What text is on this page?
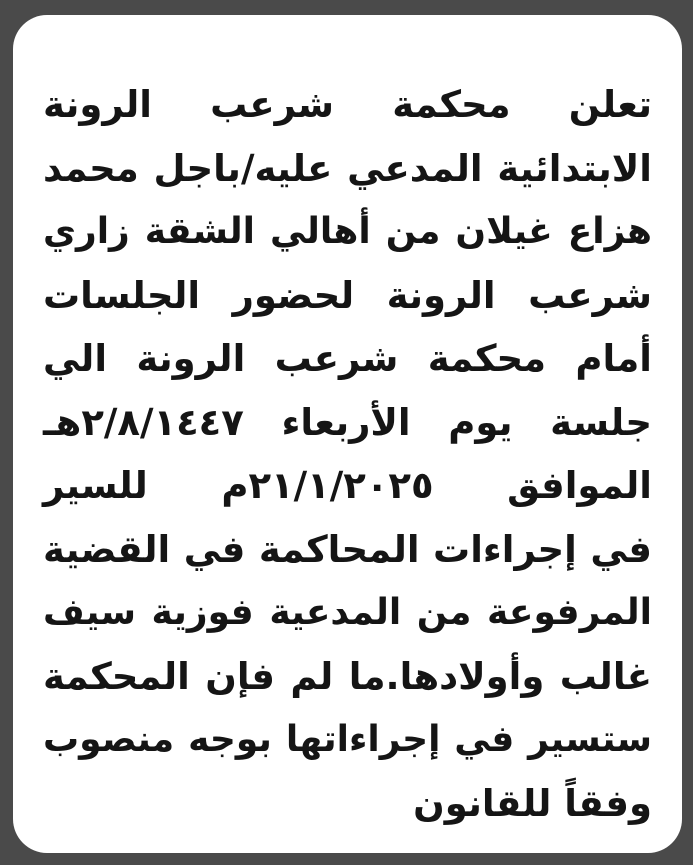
تعلن محكمة شرعب الرونة
الابتدائية المدعي عليه/باجل محمد
هزاع غيلان من أهالي الشقة زاري
شرعب الرونة لحضور الجلسات
أمام محكمة شرعب الرونة الي
جلسة يوم الأربعاء ٢/٨/١٤٤٧هـ
الموافق ٢١/١/٢٠٢٥م للسير
في إجراءات المحاكمة في القضية
المرفوعة من المدعية فوزية سيف
غالب وأولادها.ما لم فإن المحكمة
ستسير في إجراءاتها بوجه منصوب
وفقاً للقانون
